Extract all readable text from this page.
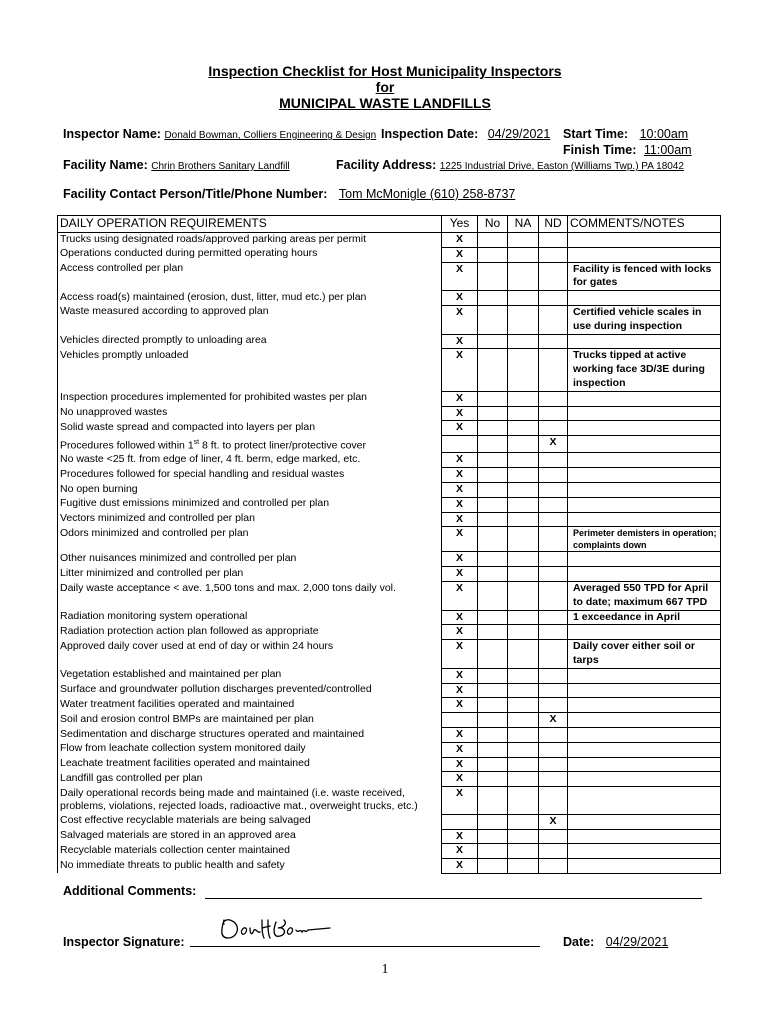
Inspection Checklist for Host Municipality Inspectors
for
MUNICIPAL WASTE LANDFILLS
Inspector Name: Donald Bowman, Colliers Engineering & Design Inspection Date: 04/29/2021	Start Time: 10:00am
Finish Time: 11:00am
Facility Name: Chrin Brothers Sanitary Landfill	Facility Address: 1225 Industrial Drive, Easton (Williams Twp.) PA 18042
Facility Contact Person/Title/Phone Number: Tom McMonigle (610) 258-8737
DAILY OPERATION REQUIREMENTS	Yes	No	NA	ND	COMMENTS/NOTES
Trucks using designated roads/approved parking areas per permit	X				
Operations conducted during permitted operating hours	X				
Access controlled per plan	X				Facility is fenced with locks for gates
Access road(s) maintained (erosion, dust, litter, mud etc.) per plan	X				
Waste measured according to approved plan	X				Certified vehicle scales in use during inspection
Vehicles directed promptly to unloading area	X				
Vehicles promptly unloaded	X				Trucks tipped at active working face 3D/3E during inspection
Inspection procedures implemented for prohibited wastes per plan	X				
No unapproved wastes	X				
Solid waste spread and compacted into layers per plan	X				
Procedures followed within 1st 8 ft. to protect liner/protective cover				X	
No waste <25 ft. from edge of liner, 4 ft. berm, edge marked, etc.	X				
Procedures followed for special handling and residual wastes	X				
No open burning	X				
Fugitive dust emissions minimized and controlled per plan	X				
Vectors minimized and controlled per plan	X				
Odors minimized and controlled per plan	X				Perimeter demisters in operation; complaints down
Other nuisances minimized and controlled per plan	X				
Litter minimized and controlled per plan	X				
Daily waste acceptance < ave. 1,500 tons and max. 2,000 tons daily vol.	X				Averaged 550 TPD for April to date; maximum 667 TPD
Radiation monitoring system operational	X				1 exceedance in April
Radiation protection action plan followed as appropriate	X				
Approved daily cover used at end of day or within 24 hours	X				Daily cover either soil or tarps
Vegetation established and maintained per plan	X				
Surface and groundwater pollution discharges prevented/controlled	X				
Water treatment facilities operated and maintained	X				
Soil and erosion control BMPs are maintained per plan				X	
Sedimentation and discharge structures operated and maintained	X				
Flow from leachate collection system monitored daily	X				
Leachate treatment facilities operated and maintained	X				
Landfill gas controlled per plan	X				
Daily operational records being made and maintained (i.e. waste received, problems, violations, rejected loads, radioactive mat., overweight trucks, etc.)	X				
Cost effective recyclable materials are being salvaged				X	
Salvaged materials are stored in an approved area	X				
Recyclable materials collection center maintained	X				
No immediate threats to public health and safety	X				
Additional Comments:
Inspector Signature:	Date: 04/29/2021
1
